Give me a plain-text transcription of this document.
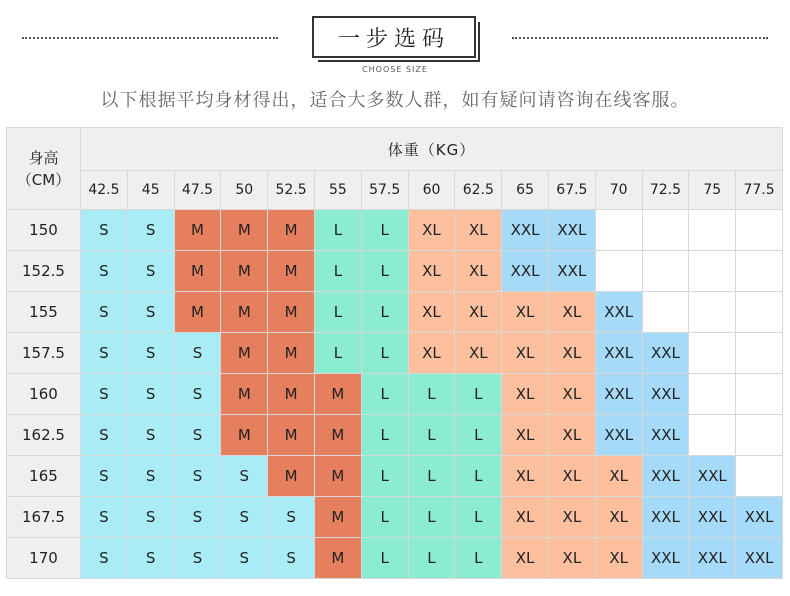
一步选码
CHOOSE SIZE
以下根据平均身材得出，适合大多数人群，如有疑问请咨询在线客服。
身高
（CM）	体重（KG）														
	42.5	45	47.5	50	52.5	55	57.5	60	62.5	65	67.5	70	72.5	75	77.5
150	S	S	M	M	M	L	L	XL	XL	XXL	XXL				
152.5	S	S	M	M	M	L	L	XL	XL	XXL	XXL				
155	S	S	M	M	M	L	L	XL	XL	XL	XL	XXL			
157.5	S	S	S	M	M	L	L	XL	XL	XL	XL	XXL	XXL		
160	S	S	S	M	M	M	L	L	L	XL	XL	XXL	XXL		
162.5	S	S	S	M	M	M	L	L	L	XL	XL	XXL	XXL		
165	S	S	S	S	M	M	L	L	L	XL	XL	XL	XXL	XXL	
167.5	S	S	S	S	S	M	L	L	L	XL	XL	XL	XXL	XXL	XXL
170	S	S	S	S	S	M	L	L	L	XL	XL	XL	XXL	XXL	XXL
